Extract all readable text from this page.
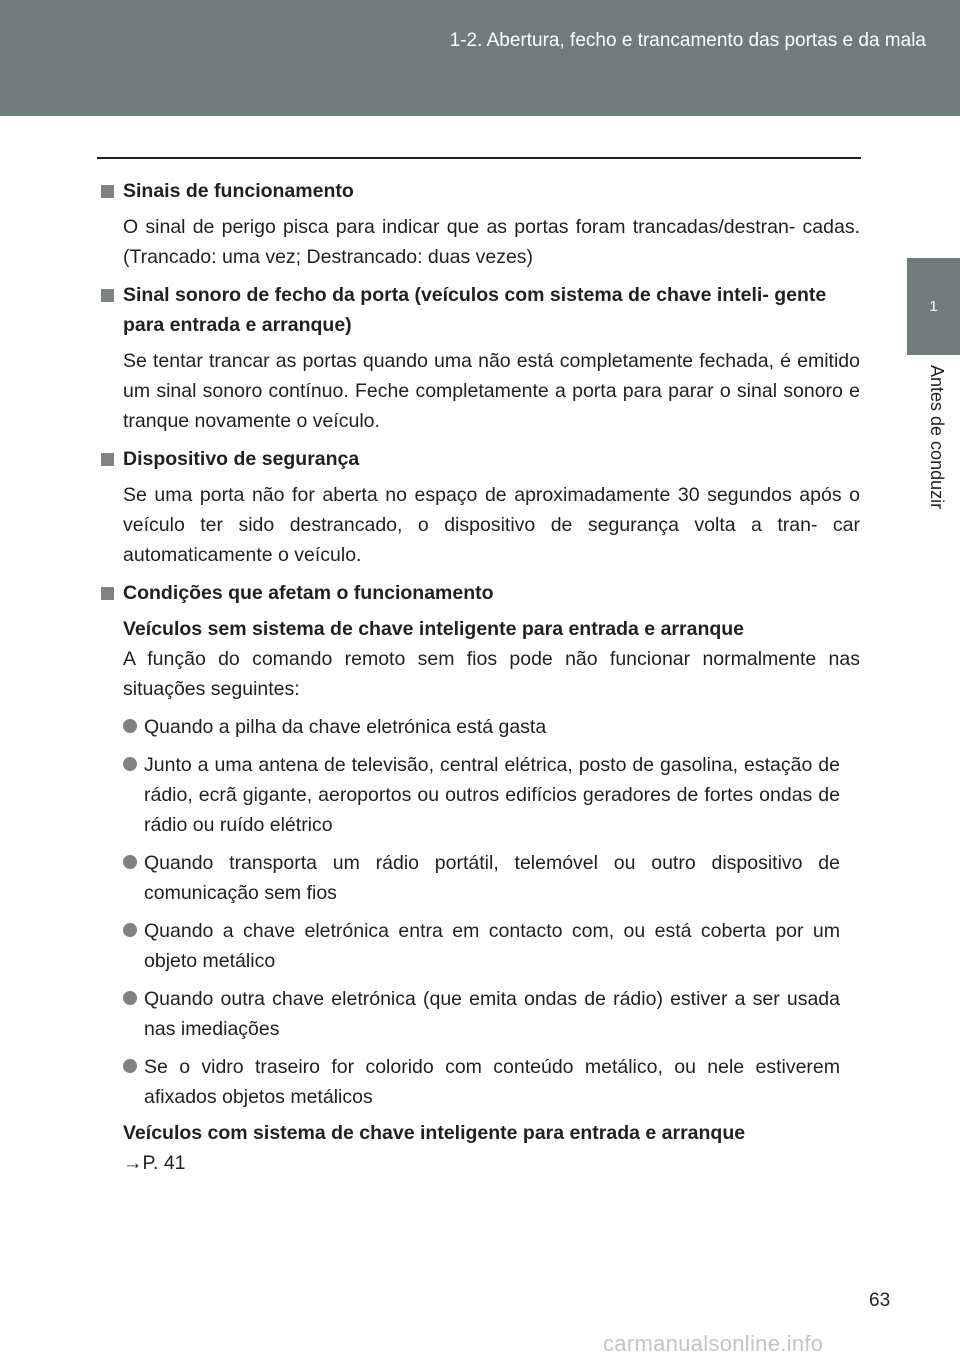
1-2. Abertura, fecho e trancamento das portas e da mala
1
Antes de conduzir
Sinais de funcionamento
O sinal de perigo pisca para indicar que as portas foram trancadas/destran- cadas. (Trancado: uma vez; Destrancado: duas vezes)
Sinal sonoro de fecho da porta (veículos com sistema de chave inteli- gente para entrada e arranque)
Se tentar trancar as portas quando uma não está completamente fechada, é emitido um sinal sonoro contínuo. Feche completamente a porta para parar o sinal sonoro e tranque novamente o veículo.
Dispositivo de segurança
Se uma porta não for aberta no espaço de aproximadamente 30 segundos após o veículo ter sido destrancado, o dispositivo de segurança volta a tran- car automaticamente o veículo.
Condições que afetam o funcionamento
Veículos sem sistema de chave inteligente para entrada e arranque
A função do comando remoto sem fios pode não funcionar normalmente nas situações seguintes:
Quando a pilha da chave eletrónica está gasta
Junto a uma antena de televisão, central elétrica, posto de gasolina, estação de rádio, ecrã gigante, aeroportos ou outros edifícios geradores de fortes ondas de rádio ou ruído elétrico
Quando transporta um rádio portátil, telemóvel ou outro dispositivo de comunicação sem fios
Quando a chave eletrónica entra em contacto com, ou está coberta por um objeto metálico
Quando outra chave eletrónica (que emita ondas de rádio) estiver a ser usada nas imediações
Se o vidro traseiro for colorido com conteúdo metálico, ou nele estiverem afixados objetos metálicos
Veículos com sistema de chave inteligente para entrada e arranque
→P. 41
63
carmanualsonline.info
